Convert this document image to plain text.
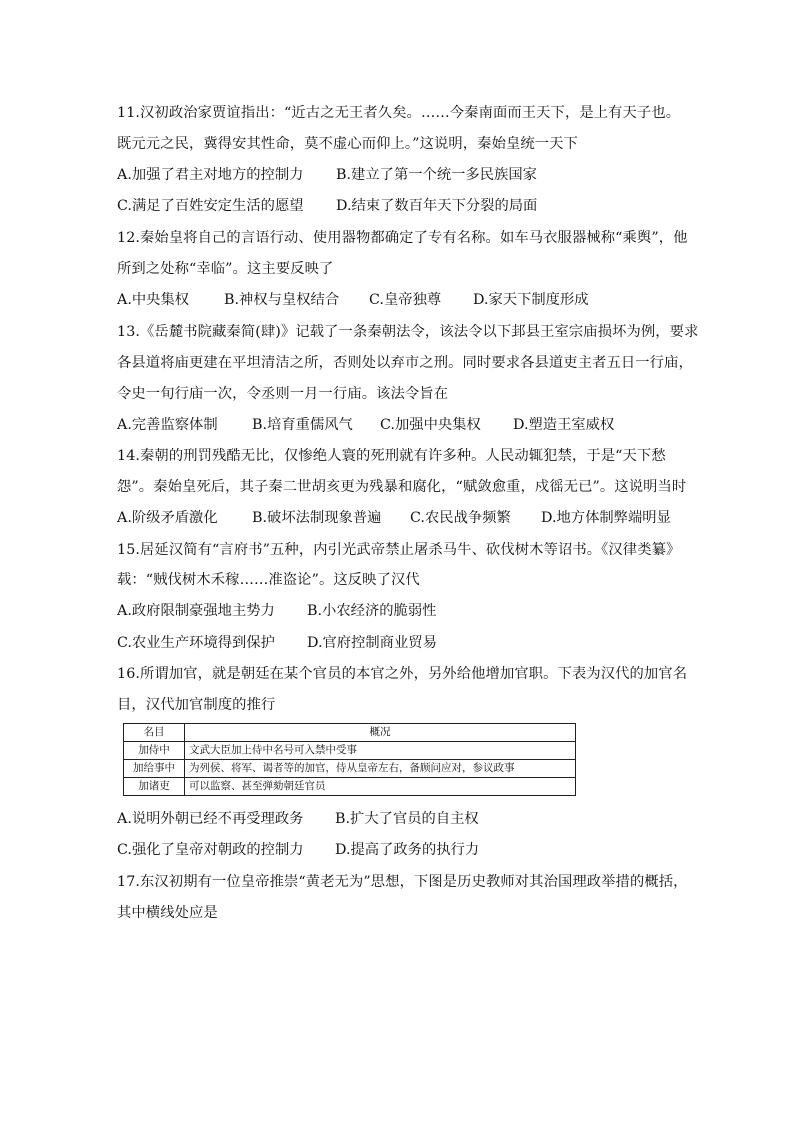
11.汉初政治家贾谊指出：“近古之无王者久矣。……今秦南面而王天下，是上有天子也。
既元元之民，冀得安其性命，莫不虚心而仰上。”这说明，秦始皇统一天下
A.加强了君主对地方的控制力 B.建立了第一个统一多民族国家
C.满足了百姓安定生活的愿望 D.结束了数百年天下分裂的局面
12.秦始皇将自己的言语行动、使用器物都确定了专有名称。如车马衣服器械称“乘舆”，他
所到之处称“幸临”。这主要反映了
A.中央集权 B.神权与皇权结合 C.皇帝独尊 D.家天下制度形成
13.《岳麓书院藏秦简(肆)》记载了一条秦朝法令，该法令以下邽县王室宗庙损坏为例，要求
各县道将庙更建在平坦清洁之所，否则处以弃市之刑。同时要求各县道吏主者五日一行庙，
令史一旬行庙一次，令丞则一月一行庙。该法令旨在
A.完善监察体制 B.培育重儒风气 C.加强中央集权 D.塑造王室威权
14.秦朝的刑罚残酷无比，仅惨绝人寰的死刑就有许多种。人民动辄犯禁，于是“天下愁
怨”。秦始皇死后，其子秦二世胡亥更为残暴和腐化，“赋敛愈重，戍徭无已”。这说明当时
A.阶级矛盾激化 B.破坏法制现象普遍 C.农民战争频繁 D.地方体制弊端明显
15.居延汉简有“言府书”五种，内引光武帝禁止屠杀马牛、砍伐树木等诏书。《汉律类纂》
载：“贼伐树木禾稼……准盗论”。这反映了汉代
A.政府限制豪强地主势力 B.小农经济的脆弱性
C.农业生产环境得到保护 D.官府控制商业贸易
16.所谓加官，就是朝廷在某个官员的本官之外，另外给他增加官职。下表为汉代的加官名
目，汉代加官制度的推行
名目	概况
加侍中	文武大臣加上侍中名号可入禁中受事
加给事中	为列侯、将军、谒者等的加官，侍从皇帝左右，备顾问应对，参议政事
加诸吏	可以监察、甚至弹劾朝廷官员
A.说明外朝已经不再受理政务 B.扩大了官员的自主权
C.强化了皇帝对朝政的控制力 D.提高了政务的执行力
17.东汉初期有一位皇帝推崇“黄老无为”思想，下图是历史教师对其治国理政举措的概括，
其中横线处应是
